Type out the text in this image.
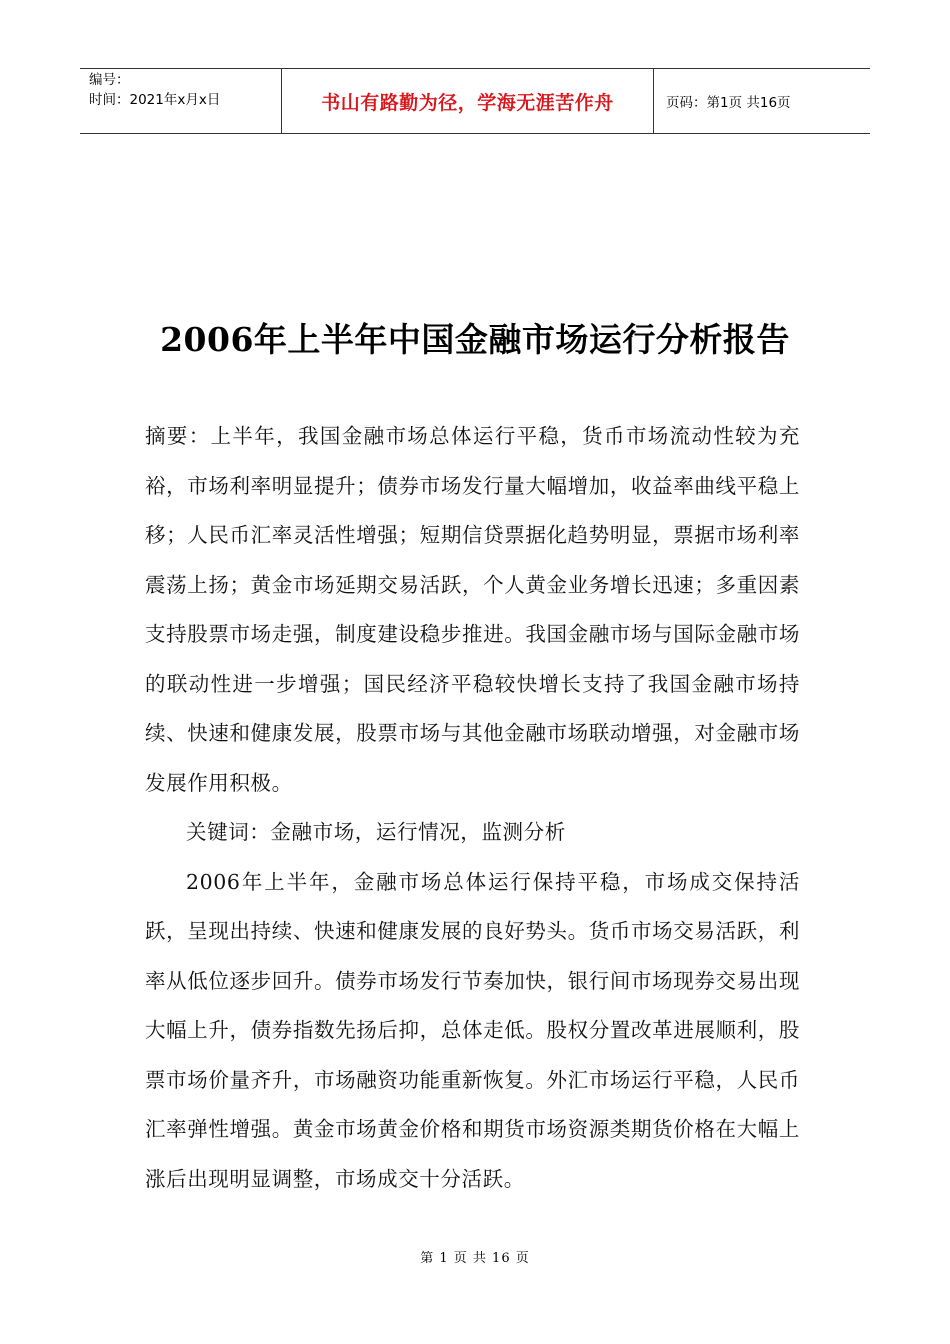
编号：
时间：2021年x月x日	书山有路勤为径，学海无涯苦作舟	页码：第1页 共16页
2006年上半年中国金融市场运行分析报告

摘要：上半年，我国金融市场总体运行平稳，货币市场流动性较为充裕，市场利率明显提升；债券市场发行量大幅增加，收益率曲线平稳上移；人民币汇率灵活性增强；短期信贷票据化趋势明显，票据市场利率震荡上扬；黄金市场延期交易活跃，个人黄金业务增长迅速；多重因素支持股票市场走强，制度建设稳步推进。我国金融市场与国际金融市场的联动性进一步增强；国民经济平稳较快增长支持了我国金融市场持续、快速和健康发展，股票市场与其他金融市场联动增强，对金融市场发展作用积极。

关键词：金融市场，运行情况，监测分析

2006年上半年，金融市场总体运行保持平稳，市场成交保持活跃，呈现出持续、快速和健康发展的良好势头。货币市场交易活跃，利率从低位逐步回升。债券市场发行节奏加快，银行间市场现券交易出现大幅上升，债券指数先扬后抑，总体走低。股权分置改革进展顺利，股票市场价量齐升，市场融资功能重新恢复。外汇市场运行平稳，人民币汇率弹性增强。黄金市场黄金价格和期货市场资源类期货价格在大幅上涨后出现明显调整，市场成交十分活跃。

第 1 页 共 16 页
